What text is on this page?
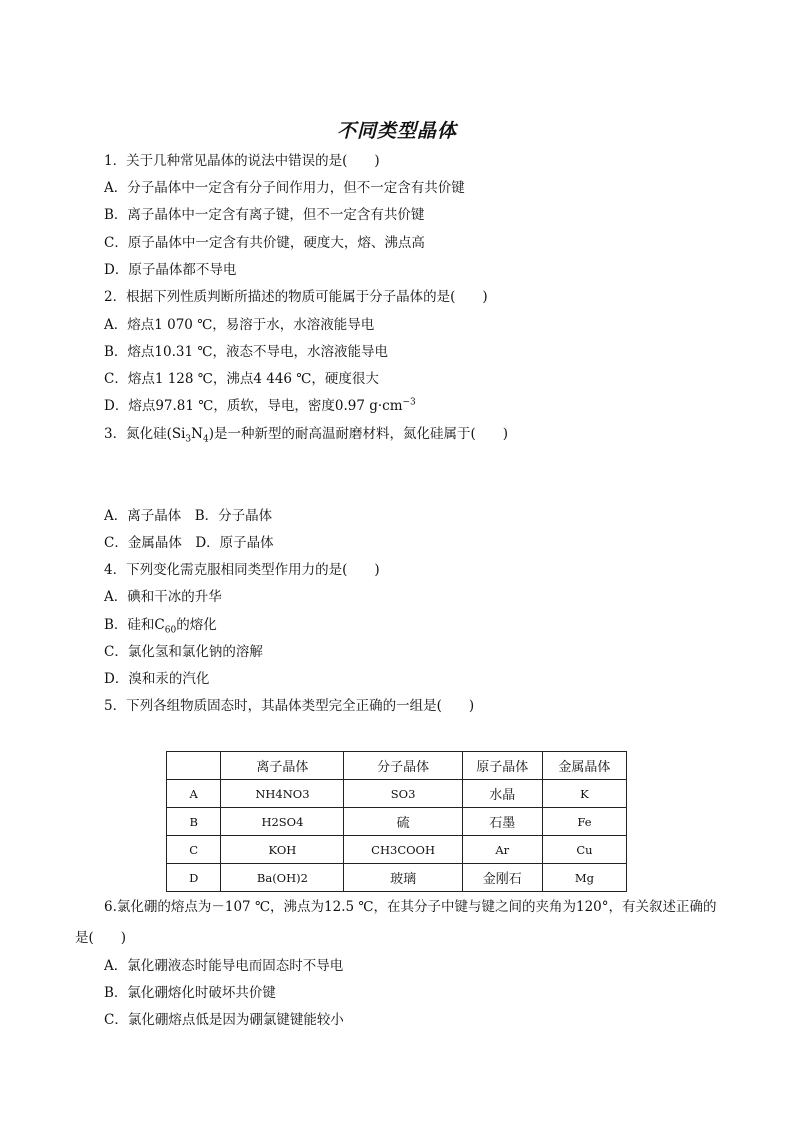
不同类型晶体
1．关于几种常见晶体的说法中错误的是(　　)
A．分子晶体中一定含有分子间作用力，但不一定含有共价键
B．离子晶体中一定含有离子键，但不一定含有共价键
C．原子晶体中一定含有共价键，硬度大，熔、沸点高
D．原子晶体都不导电
2．根据下列性质判断所描述的物质可能属于分子晶体的是(　　)
A．熔点1 070 ℃，易溶于水，水溶液能导电
B．熔点10.31 ℃，液态不导电，水溶液能导电
C．熔点1 128 ℃，沸点4 446 ℃，硬度很大
D．熔点97.81 ℃，质软，导电，密度0.97 $g\cdot cm^{-3}$
3．氮化硅$(Si_3N_4)$是一种新型的耐高温耐磨材料，氮化硅属于(　　)
A．离子晶体　B．分子晶体
C．金属晶体　D．原子晶体
4．下列变化需克服相同类型作用力的是(　　)
A．碘和干冰的升华
B．硅和$C_{60}$的熔化
C．氯化氢和氯化钠的溶解
D．溴和汞的汽化
5．下列各组物质固态时，其晶体类型完全正确的一组是(　　)
	离子晶体	分子晶体	原子晶体	金属晶体
A	NH4NO3	SO3	水晶	K
B	H2SO4	硫	石墨	Fe
C	KOH	CH3COOH	Ar	Cu
D	Ba(OH)2	玻璃	金刚石	Mg
6.氯化硼的熔点为－107 ℃，沸点为12.5 ℃，在其分子中键与键之间的夹角为120°，有关叙述正确的
是(　　)
A．氯化硼液态时能导电而固态时不导电
B．氯化硼熔化时破坏共价键
C．氯化硼熔点低是因为硼氯键键能较小
